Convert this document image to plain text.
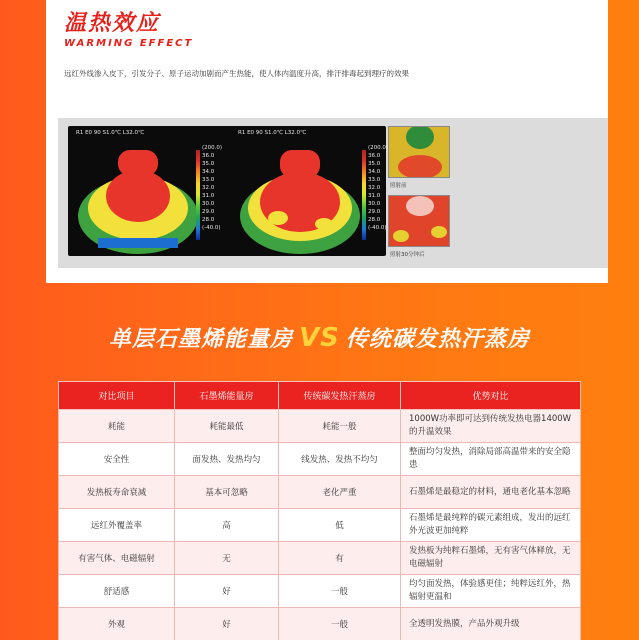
温热效应
WARMING EFFECT
远红外线渗入皮下，引发分子、原子运动加剧而产生热能，使人体内温度升高，排汗排毒起到理疗的效果
R1 E0 90 S1.0℃ L32.0℃	R1 E0 90 S1.0℃ L32.0℃
(200.0)
36.0
35.0
34.0
33.0
32.0
31.0
30.0
29.0
28.0
(-40.0)
(200.0)
36.0
35.0
34.0
33.0
32.0
31.0
30.0
29.0
28.0
(-40.0)
照射前
照射30分钟后
单层石墨烯能量房 VS 传统碳发热汗蒸房
对比项目	石墨烯能量房	传统碳发热汗蒸房	优势对比
耗能	耗能最低	耗能一般	1000W功率即可达到传统发热电器1400W的升温效果
安全性	面发热、发热均匀	线发热、发热不均匀	整面均匀发热，消除局部高温带来的安全隐患
发热板寿命衰减	基本可忽略	老化严重	石墨烯是最稳定的材料，通电老化基本忽略
远红外覆盖率	高	低	石墨烯是最纯粹的碳元素组成，发出的远红外光波更加纯粹
有害气体、电磁辐射	无	有	发热板为纯粹石墨烯，无有害气体释放，无电磁辐射
舒适感	好	一般	均匀面发热，体验感更佳；纯粹远红外，热辐射更温和
外观	好	一般	全透明发热膜，产品外观升级
